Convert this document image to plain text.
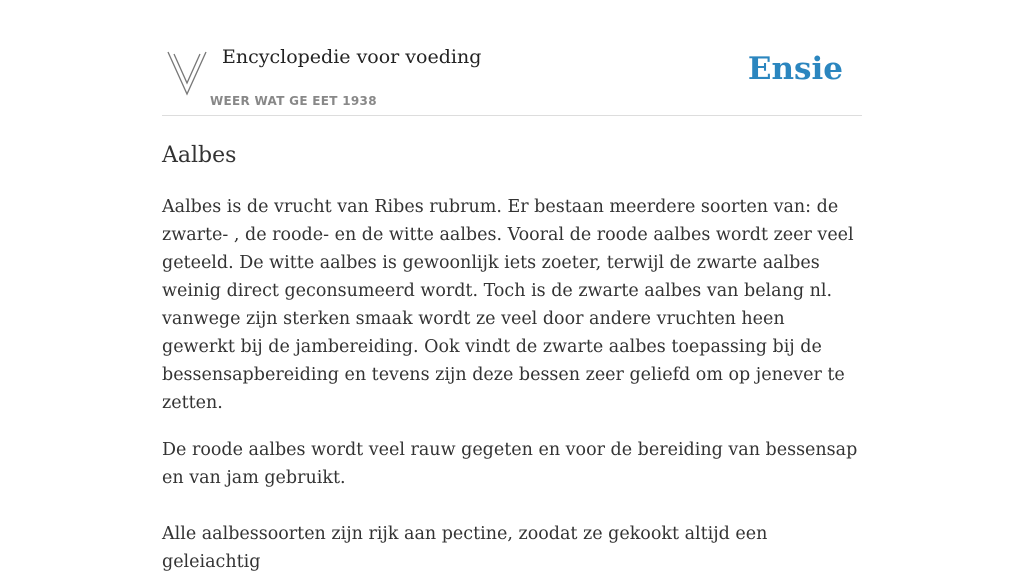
Encyclopedie voor voeding
WEER WAT GE EET 1938
Ensie
Aalbes

Aalbes is de vrucht van Ribes rubrum. Er bestaan meerdere soorten van: de zwarte- , de roode- en de witte aalbes. Vooral de roode aalbes wordt zeer veel geteeld. De witte aalbes is gewoonlijk iets zoeter, terwijl de zwarte aalbes weinig direct geconsumeerd wordt. Toch is de zwarte aalbes van belang nl. vanwege zijn sterken smaak wordt ze veel door andere vruchten heen gewerkt bij de jambereiding. Ook vindt de zwarte aalbes toepassing bij de bessensapbereiding en tevens zijn deze bessen zeer geliefd om op jenever te zetten.

De roode aalbes wordt veel rauw gegeten en voor de bereiding van bessensap en van jam gebruikt.

Alle aalbessoorten zijn rijk aan pectine, zoodat ze gekookt altijd een geleiachtig
